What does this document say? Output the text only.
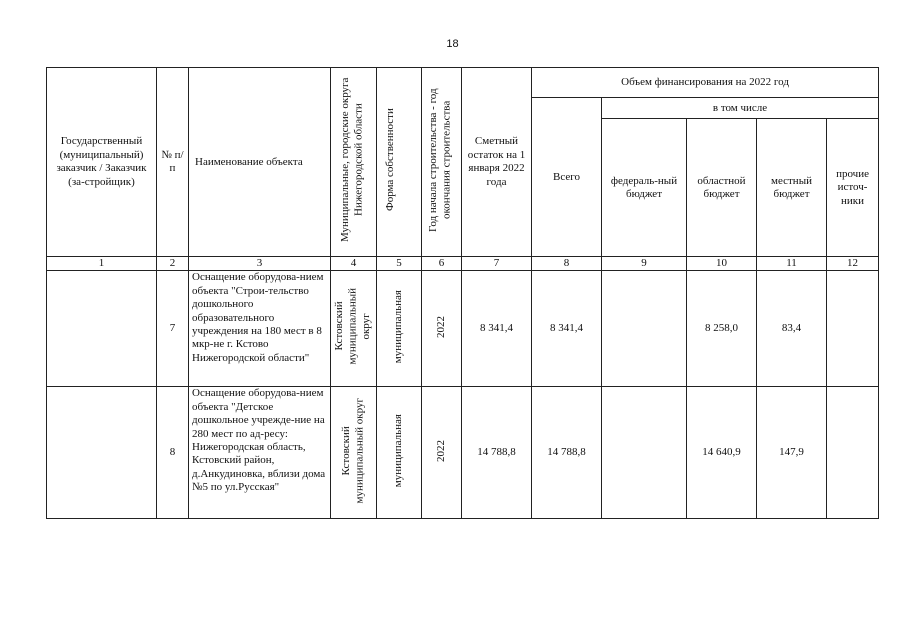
18
Государственный (муниципальный) заказчик / Заказчик (за-стройщик)	№ п/п	Наименование объекта	Муниципальные, городские округа Нижегородской области	Форма собственности	Год начала строительства - год окончания строительства	Сметный остаток на 1 января 2022 года	Объем финансирования на 2022 год				
							Всего	в том числе			
								федераль-ный бюджет	областной бюджет	местный бюджет	прочие источ-ники
1	2	3	4	5	6	7	8	9	10	11	12
	7	Оснащение оборудова-нием объекта "Строи-тельство дошкольного образовательного учреждения на 180 мест в 8 мкр-не г. Кстово Нижегородской области"	Кстовский
муниципальный
округ	муниципальная	2022	8 341,4	8 341,4		8 258,0	83,4	
	8	Оснащение оборудова-нием объекта "Детское дошкольное учрежде-ние на 280 мест по ад-ресу: Нижегородская область, Кстовский район, д.Анкудиновка, вблизи дома №5 по ул.Русская"	Кстовский
муниципальный округ	муниципальная	2022	14 788,8	14 788,8		14 640,9	147,9	
